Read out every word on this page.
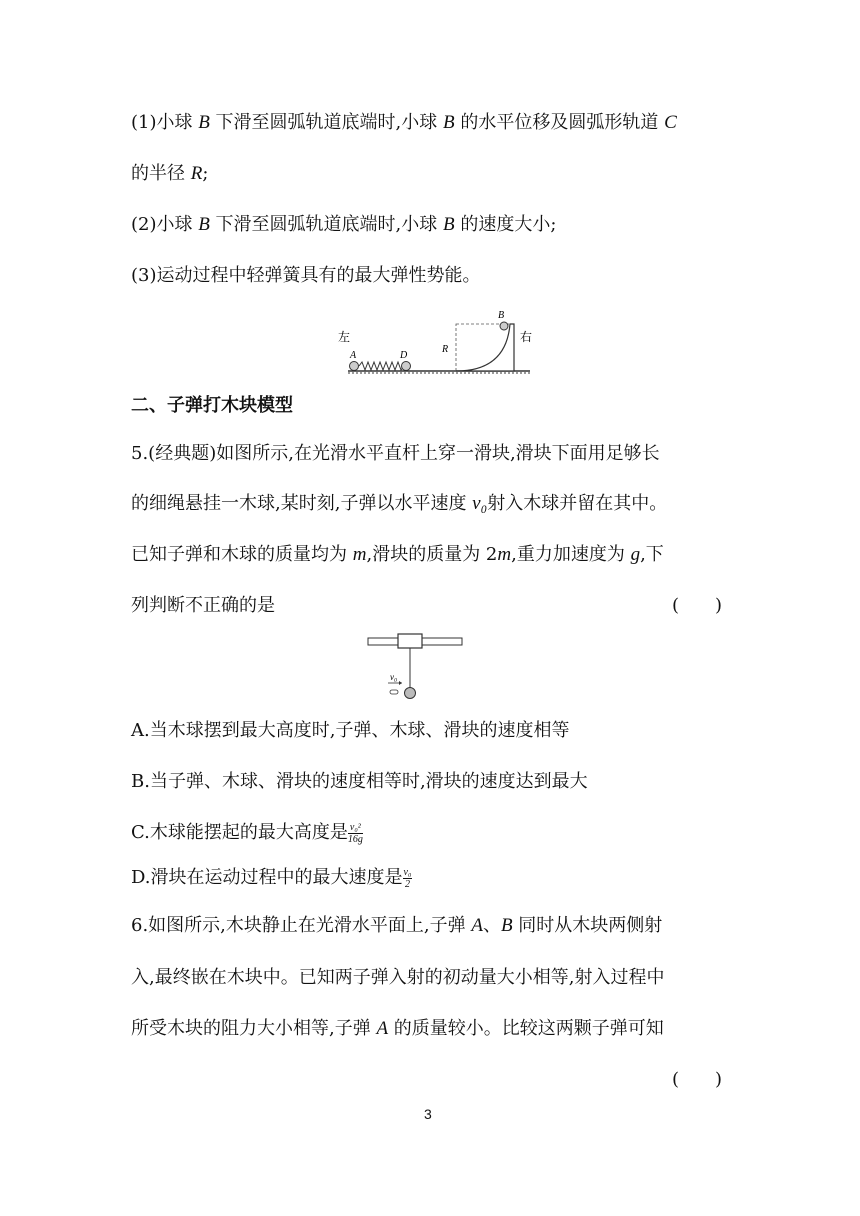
(1)小球 B 下滑至圆弧轨道底端时,小球 B 的水平位移及圆弧形轨道 C
的半径 R;
(2)小球 B 下滑至圆弧轨道底端时,小球 B 的速度大小;
(3)运动过程中轻弹簧具有的最大弹性势能。
左	右
A	D
R
B
二、子弹打木块模型
5.(经典题)如图所示,在光滑水平直杆上穿一滑块,滑块下面用足够长
的细绳悬挂一木球,某时刻,子弹以水平速度 v₀射入木球并留在其中。
已知子弹和木球的质量均为 m,滑块的质量为 2m,重力加速度为 g,下
列判断不正确的是	(　　)
v₀
A.当木球摆到最大高度时,子弹、木球、滑块的速度相等
B.当子弹、木球、滑块的速度相等时,滑块的速度达到最大
C.木球能摆起的最大高度是 $\frac{\text{v₀²}}{16g}$
D.滑块在运动过程中的最大速度是 $\frac{\text{v₀}}{2}$
6.如图所示,木块静止在光滑水平面上,子弹 A、B 同时从木块两侧射
入,最终嵌在木块中。已知两子弹入射的初动量大小相等,射入过程中
所受木块的阻力大小相等,子弹 A 的质量较小。比较这两颗子弹可知
(　　)
3
